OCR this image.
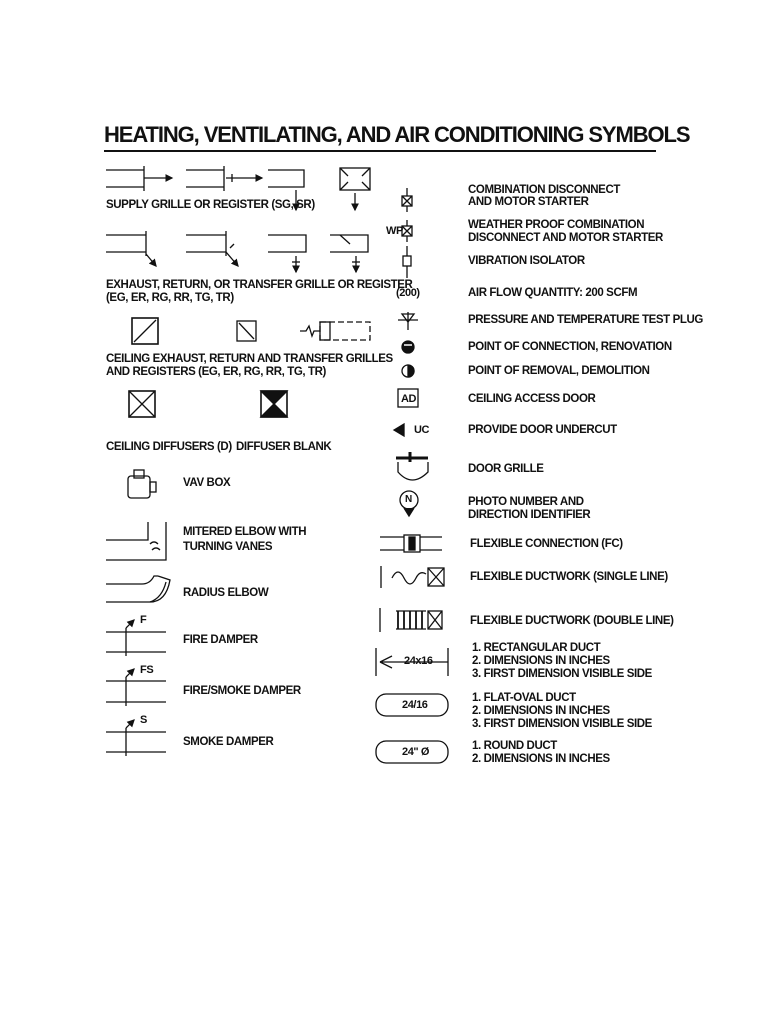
HEATING, VENTILATING, AND AIR CONDITIONING SYMBOLS
SUPPLY GRILLE OR REGISTER (SG, SR)
EXHAUST, RETURN, OR TRANSFER GRILLE OR REGISTER
(EG, ER, RG, RR, TG, TR)
CEILING EXHAUST, RETURN AND TRANSFER GRILLES
AND REGISTERS (EG, ER, RG, RR, TG, TR)
CEILING DIFFUSERS (D) DIFFUSER BLANK
VAV BOX
MITERED ELBOW WITH
TURNING VANES
RADIUS ELBOW
F
FIRE DAMPER
FS
FIRE/SMOKE DAMPER
S
SMOKE DAMPER
WP
(200)
AD
UC
N
24x16
24/16
24" Ø
COMBINATION DISCONNECT
AND MOTOR STARTER
WEATHER PROOF COMBINATION
DISCONNECT AND MOTOR STARTER
VIBRATION ISOLATOR
AIR FLOW QUANTITY: 200 SCFM
PRESSURE AND TEMPERATURE TEST PLUG
POINT OF CONNECTION, RENOVATION
POINT OF REMOVAL, DEMOLITION
CEILING ACCESS DOOR
PROVIDE DOOR UNDERCUT
DOOR GRILLE
PHOTO NUMBER AND
DIRECTION IDENTIFIER
FLEXIBLE CONNECTION (FC)
FLEXIBLE DUCTWORK (SINGLE LINE)
FLEXIBLE DUCTWORK (DOUBLE LINE)
1. RECTANGULAR DUCT
2. DIMENSIONS IN INCHES
3. FIRST DIMENSION VISIBLE SIDE
1. FLAT-OVAL DUCT
2. DIMENSIONS IN INCHES
3. FIRST DIMENSION VISIBLE SIDE
1. ROUND DUCT
2. DIMENSIONS IN INCHES
